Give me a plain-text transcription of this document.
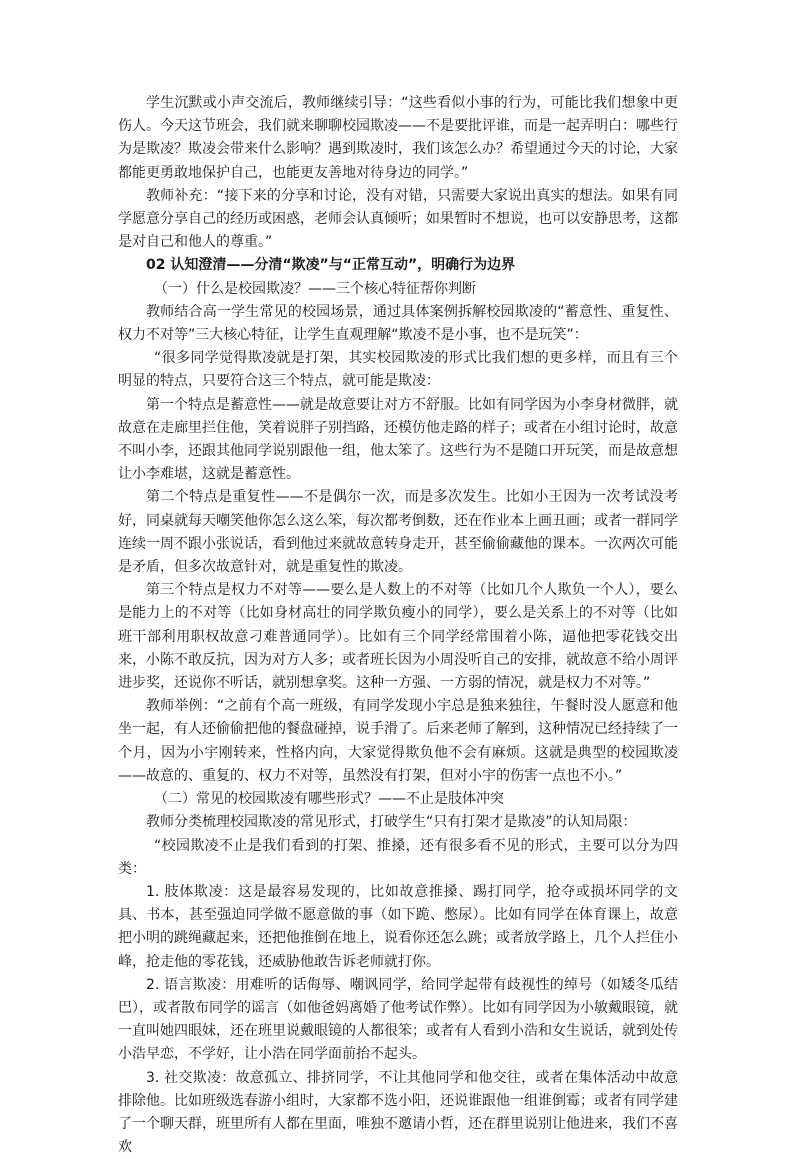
学生沉默或小声交流后，教师继续引导：“这些看似小事的行为，可能比我们想象中更伤人。今天这节班会，我们就来聊聊校园欺凌——不是要批评谁，而是一起弄明白：哪些行为是欺凌？欺凌会带来什么影响？遇到欺凌时，我们该怎么办？希望通过今天的讨论，大家都能更勇敢地保护自己，也能更友善地对待身边的同学。”

教师补充：“接下来的分享和讨论，没有对错，只需要大家说出真实的想法。如果有同学愿意分享自己的经历或困惑，老师会认真倾听；如果暂时不想说，也可以安静思考，这都是对自己和他人的尊重。”

02 认知澄清——分清“欺凌”与“正常互动”，明确行为边界

（一）什么是校园欺凌？——三个核心特征帮你判断

教师结合高一学生常见的校园场景，通过具体案例拆解校园欺凌的“蓄意性、重复性、权力不对等”三大核心特征，让学生直观理解“欺凌不是小事，也不是玩笑”：

“很多同学觉得欺凌就是打架，其实校园欺凌的形式比我们想的更多样，而且有三个明显的特点，只要符合这三个特点，就可能是欺凌：

第一个特点是蓄意性——就是故意要让对方不舒服。比如有同学因为小李身材微胖，就故意在走廊里拦住他，笑着说胖子别挡路，还模仿他走路的样子；或者在小组讨论时，故意不叫小李，还跟其他同学说别跟他一组，他太笨了。这些行为不是随口开玩笑，而是故意想让小李难堪，这就是蓄意性。

第二个特点是重复性——不是偶尔一次，而是多次发生。比如小王因为一次考试没考好，同桌就每天嘲笑他你怎么这么笨，每次都考倒数，还在作业本上画丑画；或者一群同学连续一周不跟小张说话，看到他过来就故意转身走开，甚至偷偷藏他的课本。一次两次可能是矛盾，但多次故意针对，就是重复性的欺凌。

第三个特点是权力不对等——要么是人数上的不对等（比如几个人欺负一个人），要么是能力上的不对等（比如身材高壮的同学欺负瘦小的同学），要么是关系上的不对等（比如班干部利用职权故意刁难普通同学）。比如有三个同学经常围着小陈，逼他把零花钱交出来，小陈不敢反抗，因为对方人多；或者班长因为小周没听自己的安排，就故意不给小周评进步奖，还说你不听话，就别想拿奖。这种一方强、一方弱的情况，就是权力不对等。”

教师举例：“之前有个高一班级，有同学发现小宇总是独来独往，午餐时没人愿意和他坐一起，有人还偷偷把他的餐盘碰掉，说手滑了。后来老师了解到，这种情况已经持续了一个月，因为小宇刚转来，性格内向，大家觉得欺负他不会有麻烦。这就是典型的校园欺凌——故意的、重复的、权力不对等，虽然没有打架，但对小宇的伤害一点也不小。”

（二）常见的校园欺凌有哪些形式？——不止是肢体冲突

教师分类梳理校园欺凌的常见形式，打破学生“只有打架才是欺凌”的认知局限：

“校园欺凌不止是我们看到的打架、推搡，还有很多看不见的形式，主要可以分为四类：

1. 肢体欺凌：这是最容易发现的，比如故意推搡、踢打同学，抢夺或损坏同学的文具、书本，甚至强迫同学做不愿意做的事（如下跪、憋尿）。比如有同学在体育课上，故意把小明的跳绳藏起来，还把他推倒在地上，说看你还怎么跳；或者放学路上，几个人拦住小峰，抢走他的零花钱，还威胁他敢告诉老师就打你。

2. 语言欺凌：用难听的话侮辱、嘲讽同学，给同学起带有歧视性的绰号（如矮冬瓜结巴），或者散布同学的谣言（如他爸妈离婚了他考试作弊）。比如有同学因为小敏戴眼镜，就一直叫她四眼妹，还在班里说戴眼镜的人都很笨；或者有人看到小浩和女生说话，就到处传小浩早恋，不学好，让小浩在同学面前抬不起头。

3. 社交欺凌：故意孤立、排挤同学，不让其他同学和他交往，或者在集体活动中故意排除他。比如班级选春游小组时，大家都不选小阳，还说谁跟他一组谁倒霉；或者有同学建了一个聊天群，班里所有人都在里面，唯独不邀请小哲，还在群里说别让他进来，我们不喜欢
